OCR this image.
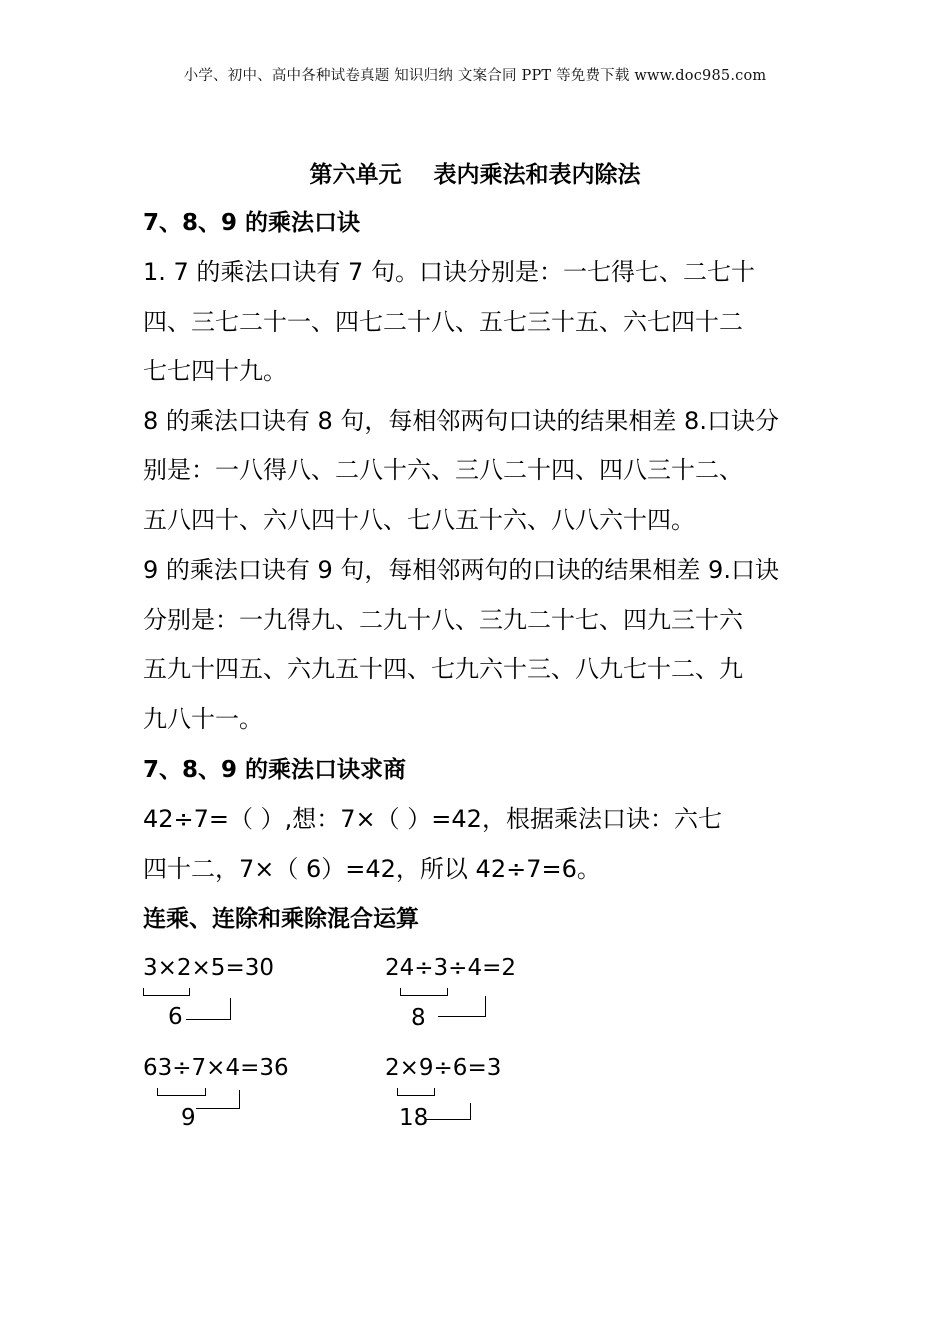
小学、初中、高中各种试卷真题 知识归纳 文案合同 PPT 等免费下载 www.doc985.com
第六单元    表内乘法和表内除法
7、8、9 的乘法口诀
1. 7 的乘法口诀有 7 句。口诀分别是：一七得七、二七十
四、三七二十一、四七二十八、五七三十五、六七四十二
七七四十九。
8 的乘法口诀有 8 句，每相邻两句口诀的结果相差 8.口诀分
别是：一八得八、二八十六、三八二十四、四八三十二、
五八四十、六八四十八、七八五十六、八八六十四。
9 的乘法口诀有 9 句，每相邻两句的口诀的结果相差 9.口诀
分别是：一九得九、二九十八、三九二十七、四九三十六
五九十四五、六九五十四、七九六十三、八九七十二、九
九八十一。
7、8、9 的乘法口诀求商
42÷7=（ ）,想：7×（ ）=42，根据乘法口诀：六七
四十二，7×（ 6）=42，所以 42÷7=6。
连乘、连除和乘除混合运算
3×2×5=30
6
24÷3÷4=2
8
63÷7×4=36
9
2×9÷6=3
18
